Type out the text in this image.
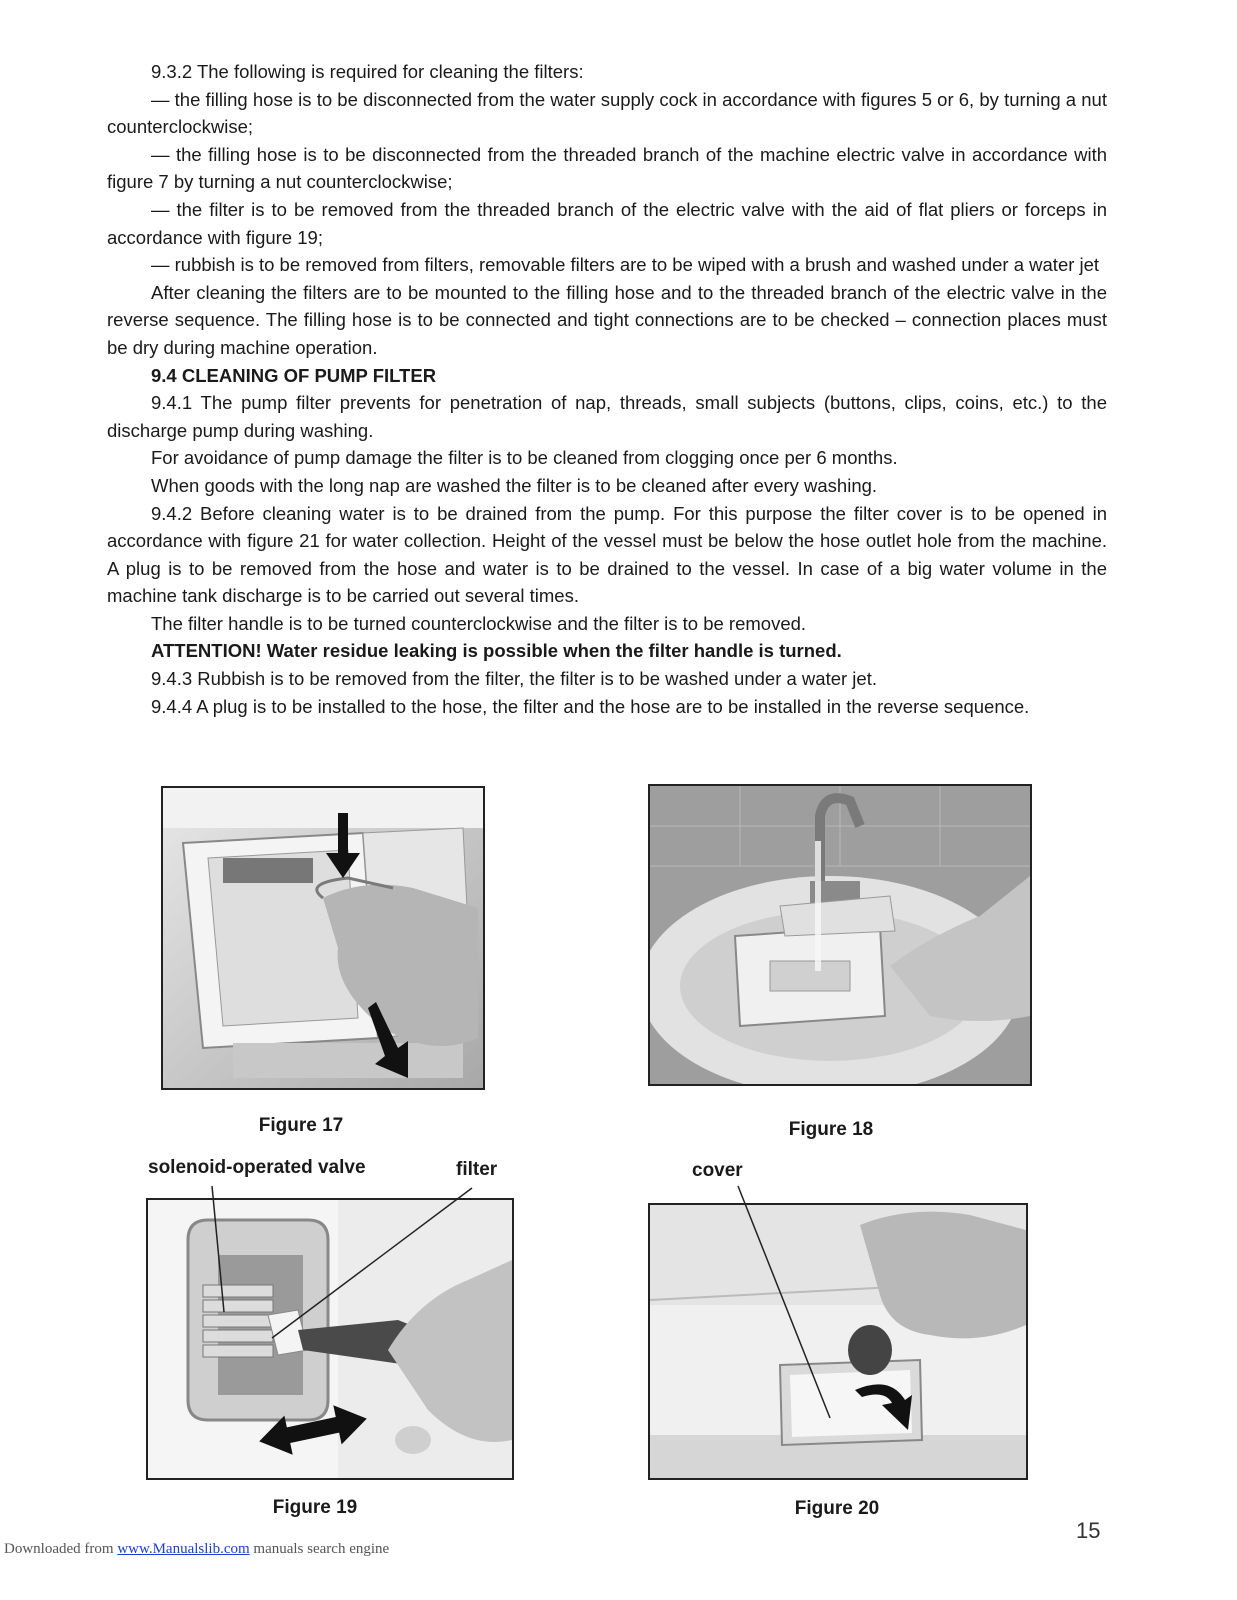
9.3.2 The following is required for cleaning the filters:

— the filling hose is to be disconnected from the water supply cock in accordance with figures 5 or 6, by turning a nut counterclockwise;

— the filling hose is to be disconnected from the threaded branch of the machine electric valve in accordance with figure 7 by turning a nut counterclockwise;

— the filter is to be removed from the threaded branch of the electric valve with the aid of flat pliers or forceps in accordance with figure 19;

— rubbish is to be removed from filters, removable filters are to be wiped with a brush and washed under a water jet

After cleaning the filters are to be mounted to the filling hose and to the threaded branch of the electric valve in the reverse sequence. The filling hose is to be connected and tight connections are to be checked – connection places must be dry during machine operation.

9.4 CLEANING OF PUMP FILTER

9.4.1 The pump filter prevents for penetration of nap, threads, small subjects (buttons, clips, coins, etc.) to the discharge pump during washing.

For avoidance of pump damage the filter is to be cleaned from clogging once per 6 months.

When goods with the long nap are washed the filter is to be cleaned after every washing.

9.4.2 Before cleaning water is to be drained from the pump. For this purpose the filter cover is to be opened in accordance with figure 21 for water collection. Height of the vessel must be below the hose outlet hole from the machine. A plug is to be removed from the hose and water is to be drained to the vessel. In case of a big water volume in the machine tank discharge is to be carried out several times.

The filter handle is to be turned counterclockwise and the filter is to be removed.

ATTENTION! Water residue leaking is possible when the filter handle is turned.

9.4.3 Rubbish is to be removed from the filter, the filter is to be washed under a water jet.

9.4.4 A plug is to be installed to the hose, the filter and the hose are to be installed in the reverse sequence.

Figure 17	Figure 18
solenoid-operated valve	filter
Figure 19
cover
Figure 20
15
Downloaded from www.Manualslib.com manuals search engine
